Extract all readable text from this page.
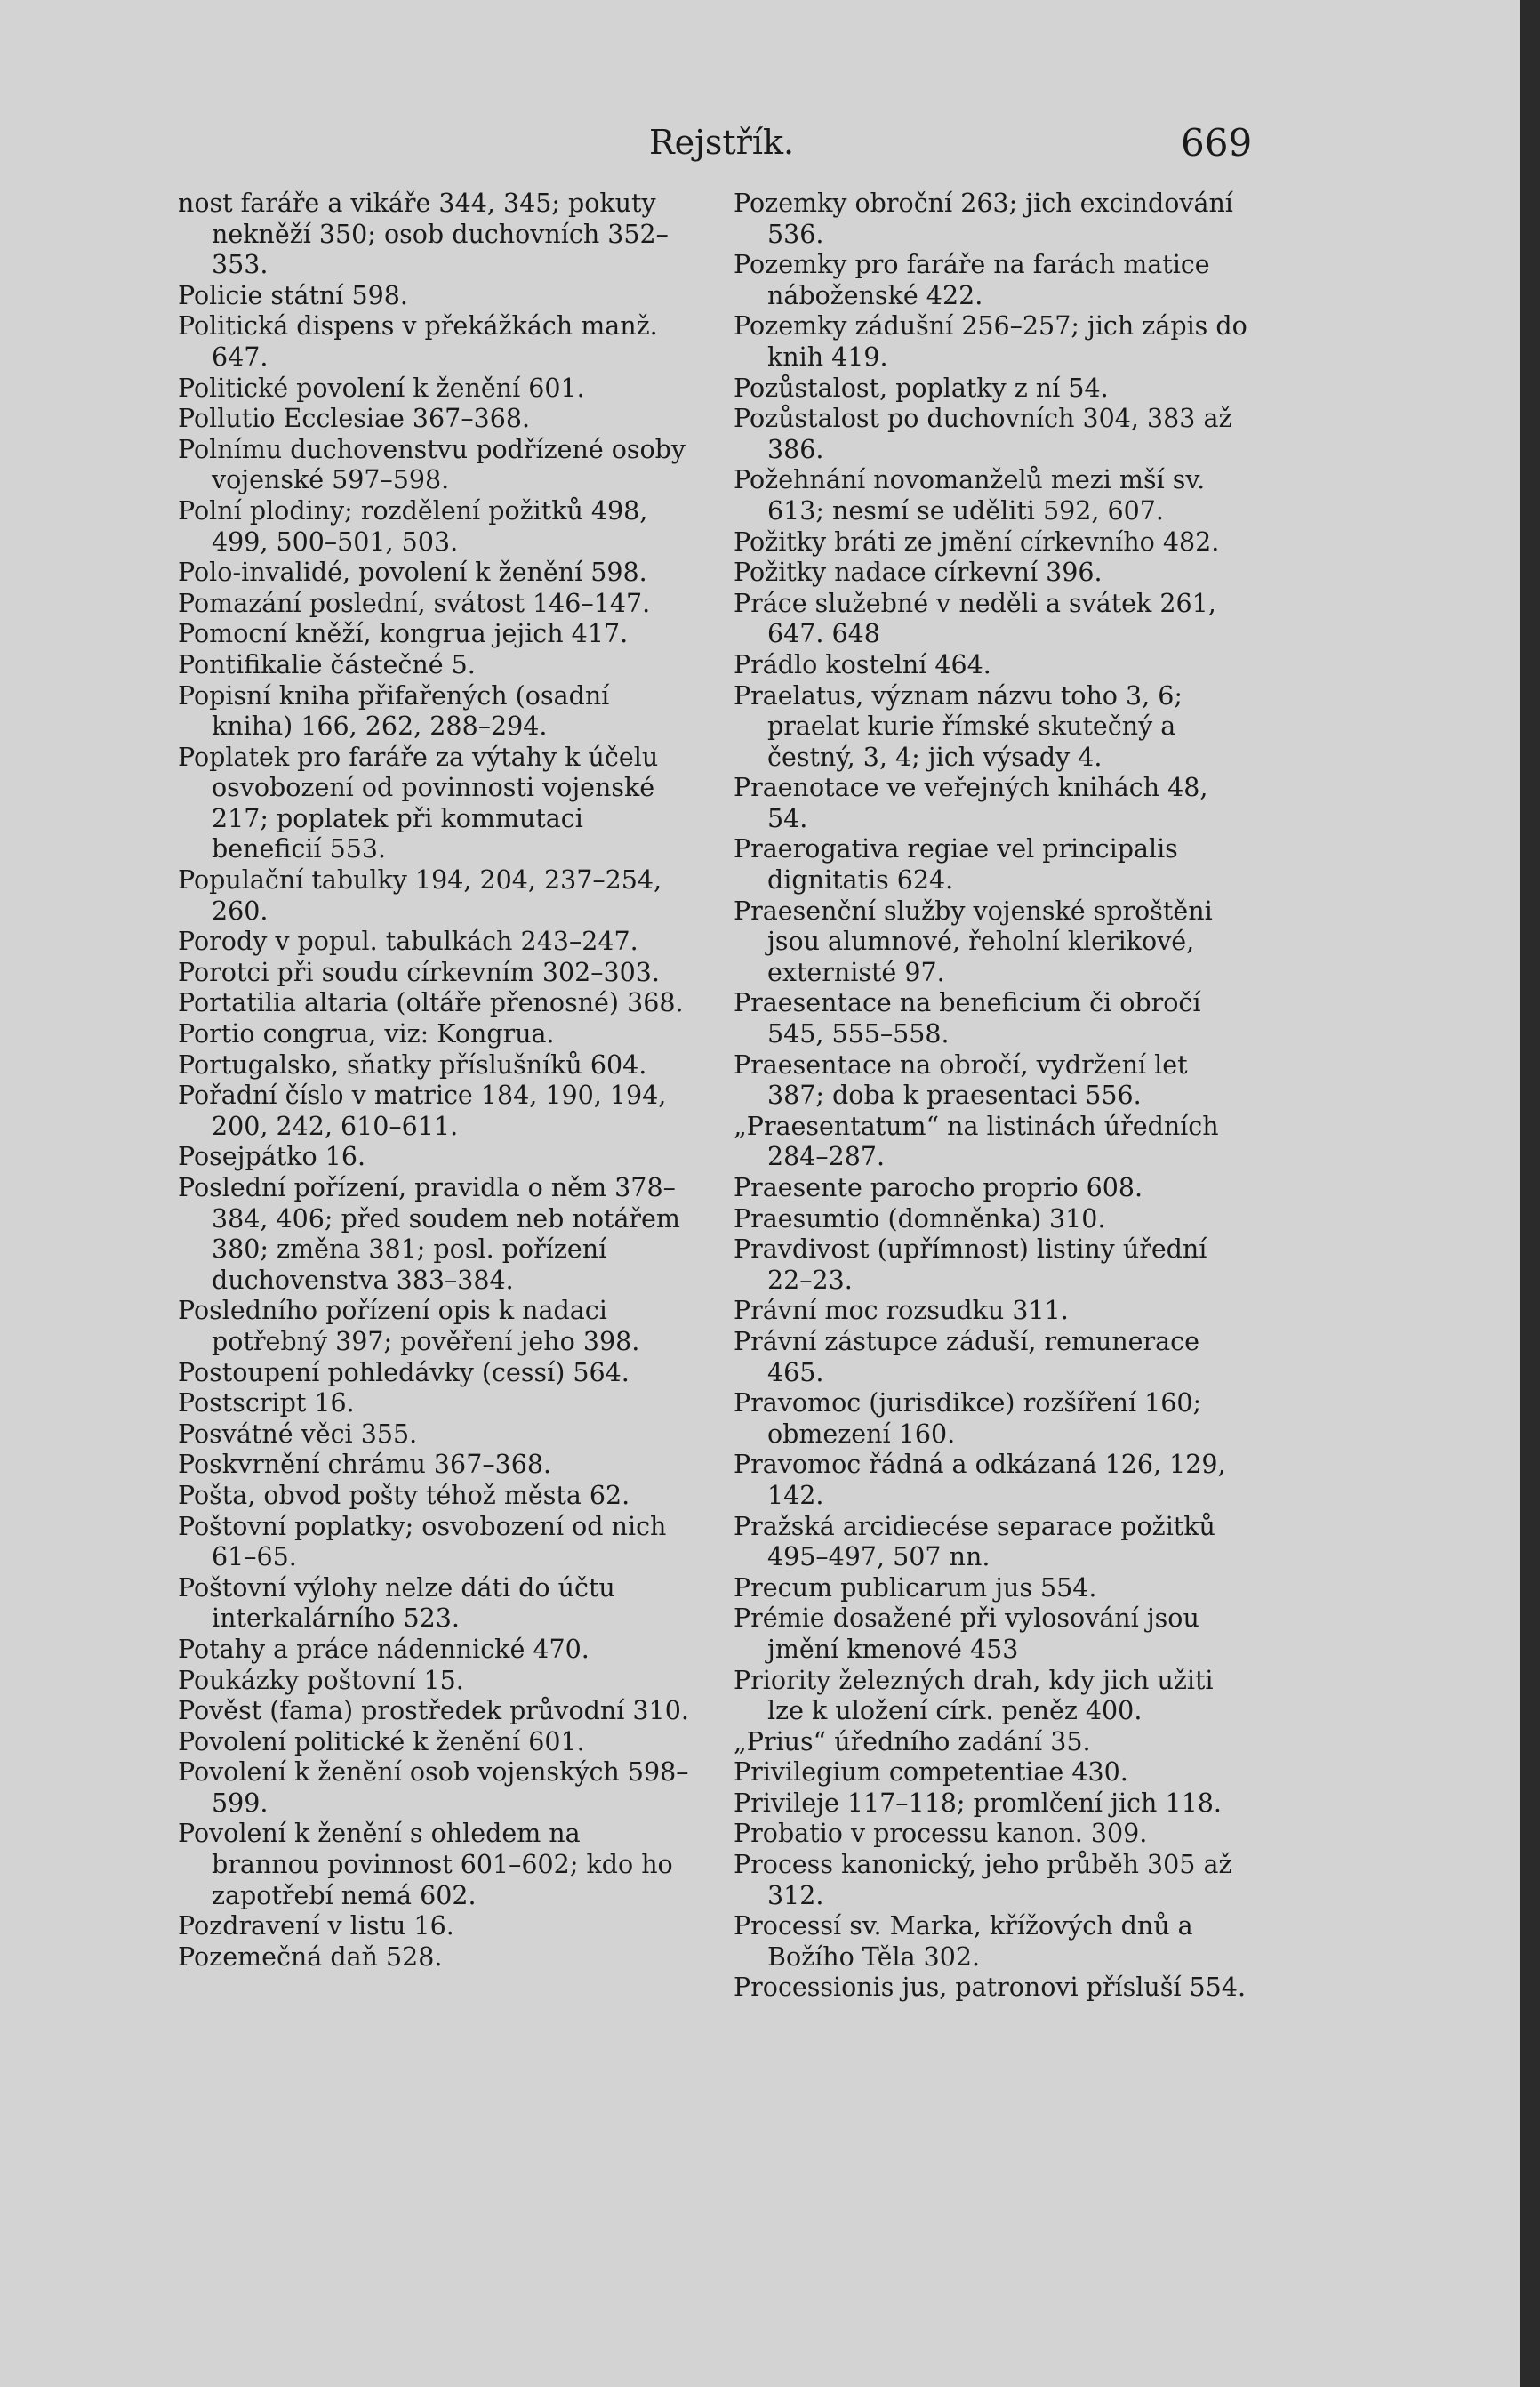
Rejstřík.	669

nost faráře a vikáře 344, 345; pokuty nekněží 350; osob duchovních 352–353.

Policie státní 598.

Politická dispens v překážkách manž. 647.

Politické povolení k ženění 601.

Pollutio Ecclesiae 367–368.

Polnímu duchovenstvu podřízené osoby vojenské 597–598.

Polní plodiny; rozdělení požitků 498, 499, 500–501, 503.

Polo-invalidé, povolení k ženění 598.

Pomazání poslední, svátost 146–147.

Pomocní kněží, kongrua jejich 417.

Pontifikalie částečné 5.

Popisní kniha přifařených (osadní kniha) 166, 262, 288–294.

Poplatek pro faráře za výtahy k účelu osvobození od povinnosti vojenské 217; poplatek při kommutaci beneficií 553.

Populační tabulky 194, 204, 237–254, 260.

Porody v popul. tabulkách 243–247.

Porotci při soudu církevním 302–303.

Portatilia altaria (oltáře přenosné) 368.

Portio congrua, viz: Kongrua.

Portugalsko, sňatky příslušníků 604.

Pořadní číslo v matrice 184, 190, 194, 200, 242, 610–611.

Posejpátko 16.

Poslední pořízení, pravidla o něm 378–384, 406; před soudem neb notářem 380; změna 381; posl. pořízení duchovenstva 383–384.

Posledního pořízení opis k nadaci potřebný 397; pověření jeho 398.

Postoupení pohledávky (cessí) 564.

Postscript 16.

Posvátné věci 355.

Poskvrnění chrámu 367–368.

Pošta, obvod pošty téhož města 62.

Poštovní poplatky; osvobození od nich 61–65.

Poštovní výlohy nelze dáti do účtu interkalárního 523.

Potahy a práce nádennické 470.

Poukázky poštovní 15.

Pověst (fama) prostředek průvodní 310.

Povolení politické k ženění 601.

Povolení k ženění osob vojenských 598–599.

Povolení k ženění s ohledem na brannou povinnost 601–602; kdo ho zapotřebí nemá 602.

Pozdravení v listu 16.

Pozemečná daň 528.

Pozemky obroční 263; jich excindování 536.

Pozemky pro faráře na farách matice náboženské 422.

Pozemky zádušní 256–257; jich zápis do knih 419.

Pozůstalost, poplatky z ní 54.

Pozůstalost po duchovních 304, 383 až 386.

Požehnání novomanželů mezi mší sv. 613; nesmí se uděliti 592, 607.

Požitky bráti ze jmění církevního 482.

Požitky nadace církevní 396.

Práce služebné v neděli a svátek 261, 647. 648

Prádlo kostelní 464.

Praelatus, význam názvu toho 3, 6; praelat kurie římské skutečný a čestný, 3, 4; jich výsady 4.

Praenotace ve veřejných knihách 48, 54.

Praerogativa regiae vel principalis dignitatis 624.

Praesenční služby vojenské sproštěni jsou alumnové, řeholní klerikové, externisté 97.

Praesentace na beneficium či obročí 545, 555–558.

Praesentace na obročí, vydržení let 387; doba k praesentaci 556.

„Praesentatum“ na listinách úředních 284–287.

Praesente parocho proprio 608.

Praesumtio (domněnka) 310.

Pravdivost (upřímnost) listiny úřední 22–23.

Právní moc rozsudku 311.

Právní zástupce záduší, remunerace 465.

Pravomoc (jurisdikce) rozšíření 160; obmezení 160.

Pravomoc řádná a odkázaná 126, 129, 142.

Pražská arcidiecése separace požitků 495–497, 507 nn.

Precum publicarum jus 554.

Prémie dosažené při vylosování jsou jmění kmenové 453

Priority železných drah, kdy jich užiti lze k uložení círk. peněz 400.

„Prius“ úředního zadání 35.

Privilegium competentiae 430.

Privileje 117–118; promlčení jich 118.

Probatio v processu kanon. 309.

Process kanonický, jeho průběh 305 až 312.

Processí sv. Marka, křížových dnů a Božího Těla 302.

Processionis jus, patronovi přísluší 554.
